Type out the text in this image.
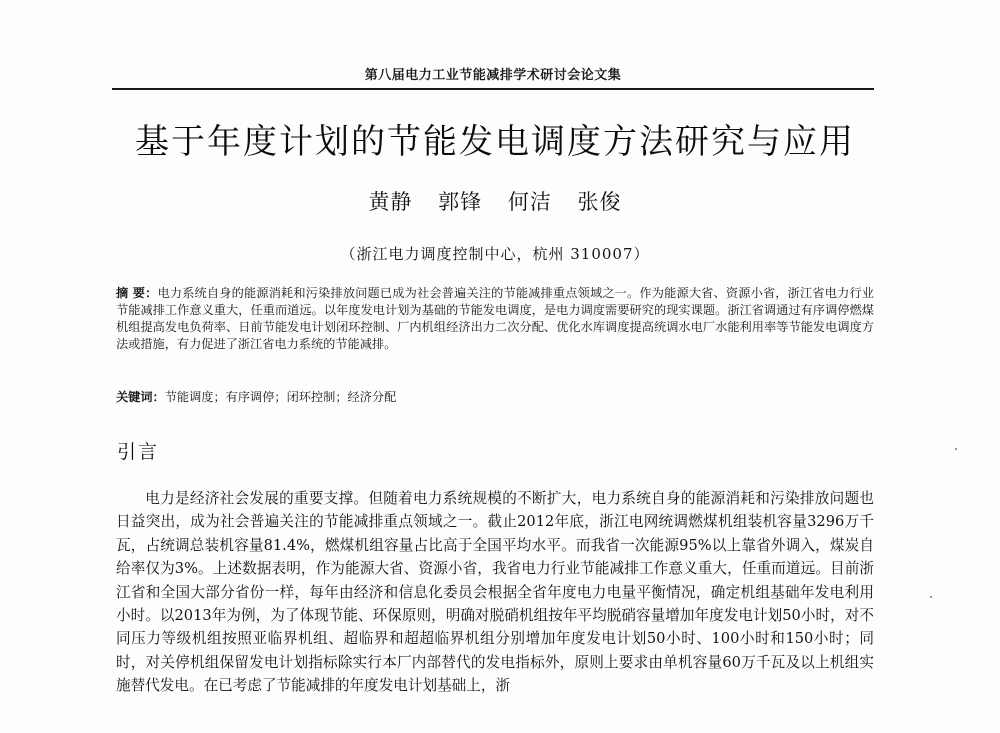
第八届电力工业节能减排学术研讨会论文集
基于年度计划的节能发电调度方法研究与应用
黄静 郭锋 何洁 张俊
（浙江电力调度控制中心，杭州 310007）
摘 要：电力系统自身的能源消耗和污染排放问题已成为社会普遍关注的节能减排重点领域之一。作为能源大省、资源小省，浙江省电力行业节能减排工作意义重大，任重而道远。以年度发电计划为基础的节能发电调度，是电力调度需要研究的现实课题。浙江省调通过有序调停燃煤机组提高发电负荷率、日前节能发电计划闭环控制、厂内机组经济出力二次分配、优化水库调度提高统调水电厂水能利用率等节能发电调度方法或措施，有力促进了浙江省电力系统的节能减排。
关键词：节能调度；有序调停；闭环控制；经济分配
引言
电力是经济社会发展的重要支撑。但随着电力系统规模的不断扩大，电力系统自身的能源消耗和污染排放问题也日益突出，成为社会普遍关注的节能减排重点领域之一。截止2012年底，浙江电网统调燃煤机组装机容量3296万千瓦，占统调总装机容量81.4%，燃煤机组容量占比高于全国平均水平。而我省一次能源95%以上靠省外调入，煤炭自给率仅为3%。上述数据表明，作为能源大省、资源小省，我省电力行业节能减排工作意义重大，任重而道远。目前浙江省和全国大部分省份一样，每年由经济和信息化委员会根据全省年度电力电量平衡情况，确定机组基础年发电利用小时。以2013年为例，为了体现节能、环保原则，明确对脱硝机组按年平均脱硝容量增加年度发电计划50小时，对不同压力等级机组按照亚临界机组、超临界和超超临界机组分别增加年度发电计划50小时、100小时和150小时；同时，对关停机组保留发电计划指标除实行本厂内部替代的发电指标外，原则上要求由单机容量60万千瓦及以上机组实施替代发电。在已考虑了节能减排的年度发电计划基础上，浙
